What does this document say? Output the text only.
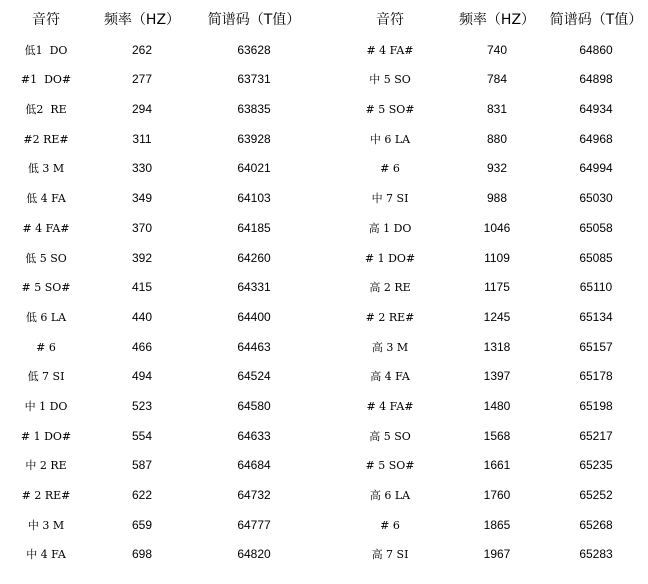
音符	频率（HZ）	简谱码（T值）	音符	频率（HZ）	简谱码（T值）
低1  DO	262	63628	# 4 FA#	740	64860
#1  DO#	277	63731	中 5 SO	784	64898
低2  RE	294	63835	# 5 SO#	831	64934
#2 RE#	311	63928	中 6 LA	880	64968
低 3 M	330	64021	# 6	932	64994
低 4 FA	349	64103	中 7 SI	988	65030
# 4 FA#	370	64185	高 1 DO	1046	65058
低 5 SO	392	64260	# 1 DO#	1109	65085
# 5 SO#	415	64331	高 2 RE	1175	65110
低 6 LA	440	64400	# 2 RE#	1245	65134
# 6	466	64463	高 3 M	1318	65157
低 7 SI	494	64524	高 4 FA	1397	65178
中 1 DO	523	64580	# 4 FA#	1480	65198
# 1 DO#	554	64633	高 5 SO	1568	65217
中 2 RE	587	64684	# 5 SO#	1661	65235
# 2 RE#	622	64732	高 6 LA	1760	65252
中 3 M	659	64777	# 6	1865	65268
中 4 FA	698	64820	高 7 SI	1967	65283
